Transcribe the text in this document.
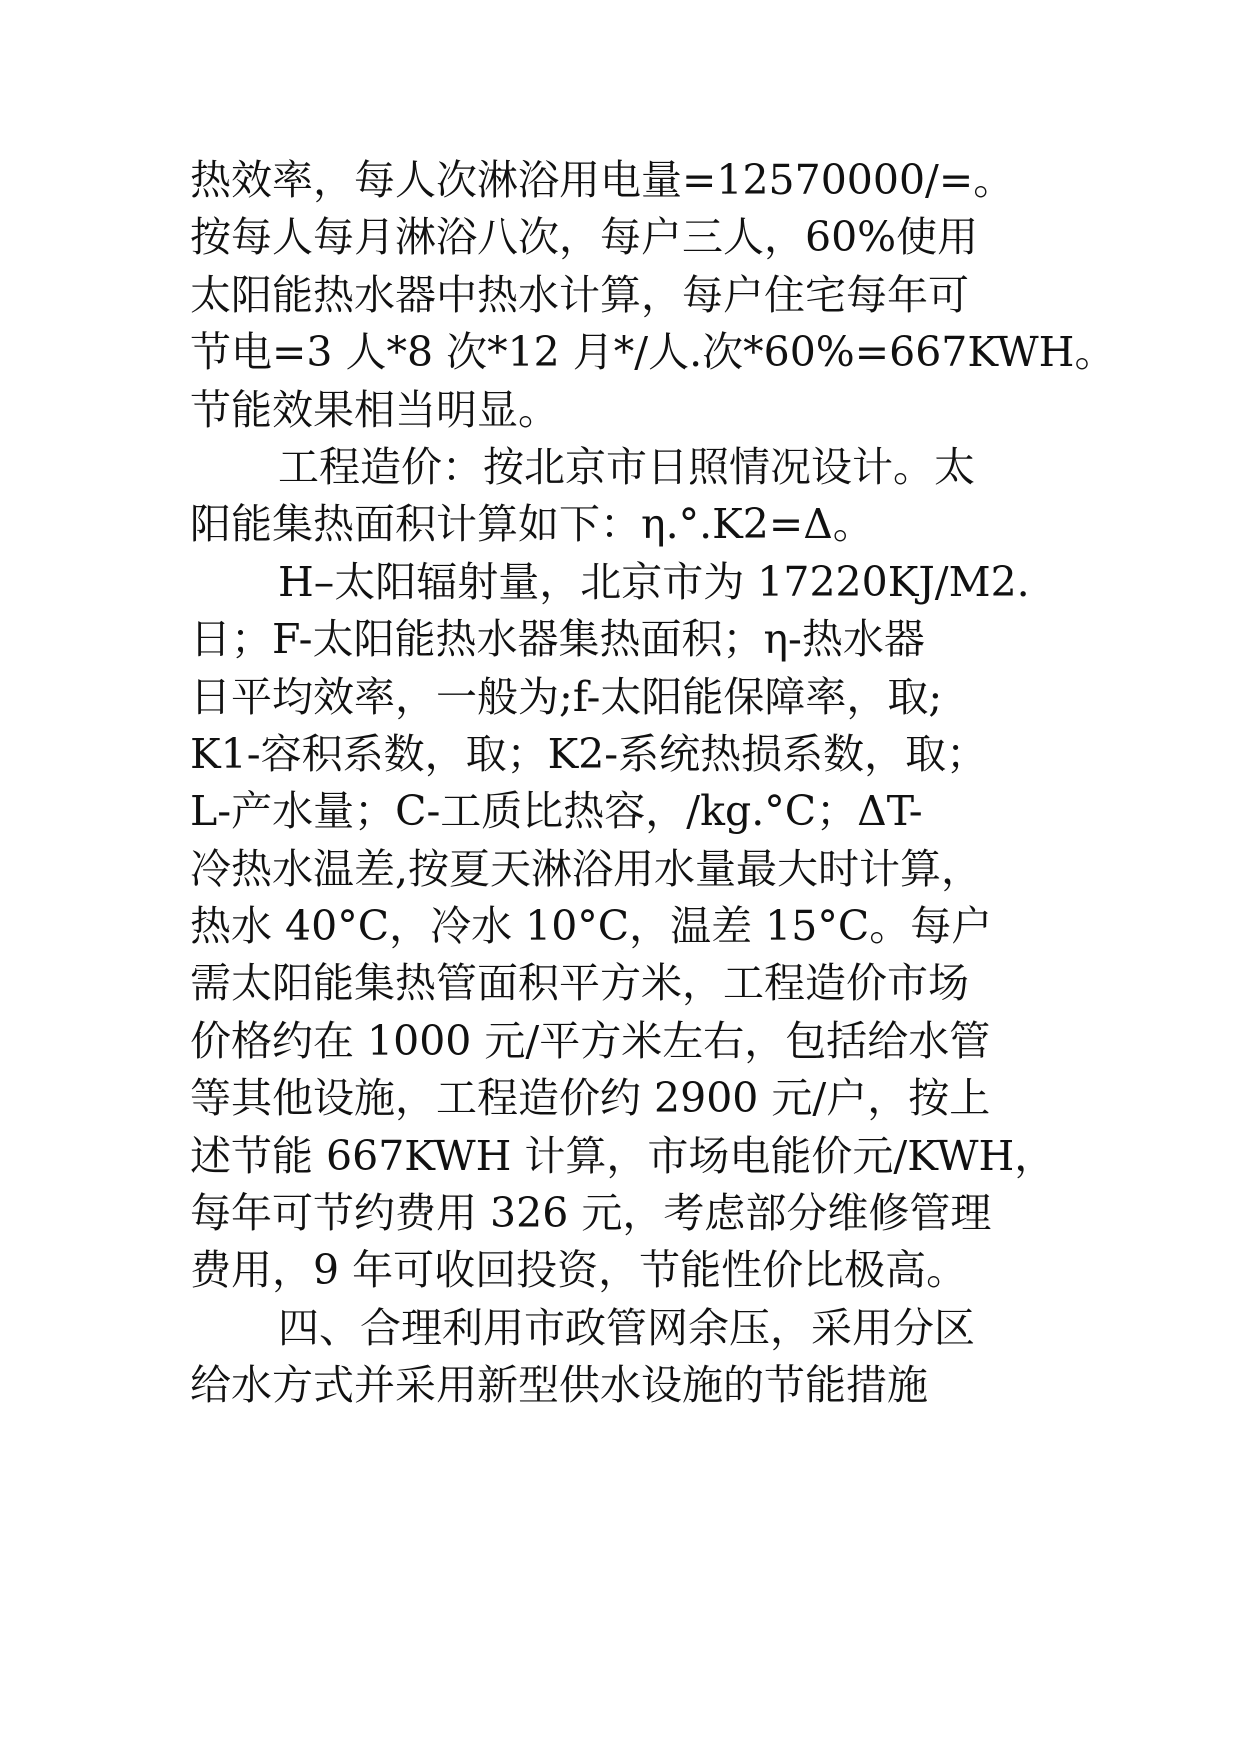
热效率，每人次淋浴用电量=12570000/=。
按每人每月淋浴八次，每户三人，60%使用
太阳能热水器中热水计算，每户住宅每年可
节电=3 人*8 次*12 月*/人.次*60%=667KWH。
节能效果相当明显。
工程造价：按北京市日照情况设计。太
阳能集热面积计算如下：η.°.K2=Δ。
H–太阳辐射量，北京市为 17220KJ/M2.
日；F-太阳能热水器集热面积；η-热水器
日平均效率，一般为;f-太阳能保障率，取;
K1-容积系数，取；K2-系统热损系数，取；
L-产水量；C-工质比热容，/kg.°C；ΔT-
冷热水温差,按夏天淋浴用水量最大时计算，
热水 40°C，冷水 10°C，温差 15°C。每户
需太阳能集热管面积平方米，工程造价市场
价格约在 1000 元/平方米左右，包括给水管
等其他设施，工程造价约 2900 元/户，按上
述节能 667KWH 计算，市场电能价元/KWH，
每年可节约费用 326 元，考虑部分维修管理
费用，9 年可收回投资，节能性价比极高。
四、合理利用市政管网余压，采用分区
给水方式并采用新型供水设施的节能措施
